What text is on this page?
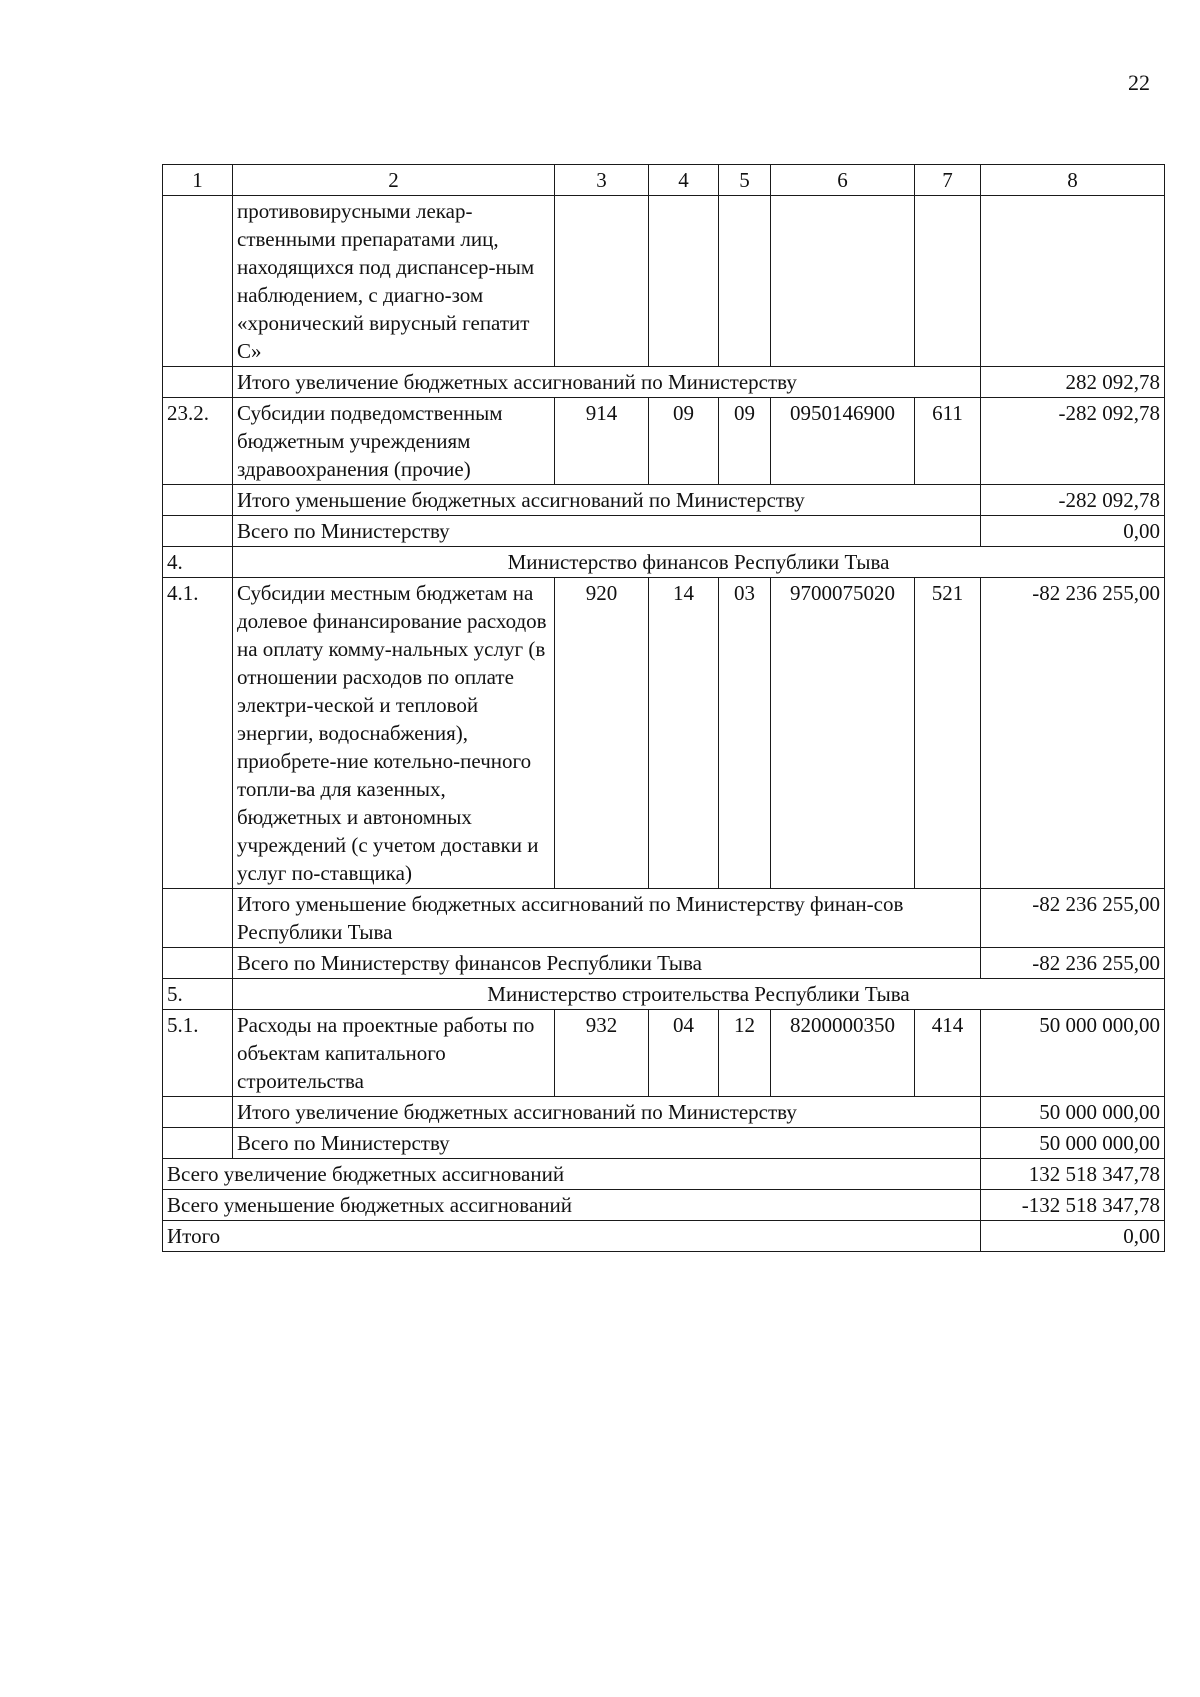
22
1	2	3	4	5	6	7	8
	противовирусными лекар-ственными препаратами лиц, находящихся под диспансер-ным наблюдением, с диагно-зом «хронический вирусный гепатит С»						
	Итого увеличение бюджетных ассигнований по Министерству						282 092,78
23.2.	Субсидии подведомственным бюджетным учреждениям здравоохранения (прочие)	914	09	09	0950146900	611	-282 092,78
	Итого уменьшение бюджетных ассигнований по Министерству						-282 092,78
	Всего по Министерству						0,00
4.	Министерство финансов Республики Тыва						
4.1.	Субсидии местным бюджетам на долевое финансирование расходов на оплату комму-нальных услуг (в отношении расходов по оплате электри-ческой и тепловой энергии, водоснабжения), приобрете-ние котельно-печного топли-ва для казенных, бюджетных и автономных учреждений (с учетом доставки и услуг по-ставщика)	920	14	03	9700075020	521	-82 236 255,00
	Итого уменьшение бюджетных ассигнований по Министерству финан-сов Республики Тыва						-82 236 255,00
	Всего по Министерству финансов Республики Тыва						-82 236 255,00
5.	Министерство строительства Республики Тыва						
5.1.	Расходы на проектные работы по объектам капитального строительства	932	04	12	8200000350	414	50 000 000,00
	Итого увеличение бюджетных ассигнований по Министерству						50 000 000,00
	Всего по Министерству						50 000 000,00
Всего увеличение бюджетных ассигнований							132 518 347,78
Всего уменьшение бюджетных ассигнований							-132 518 347,78
Итого							0,00
